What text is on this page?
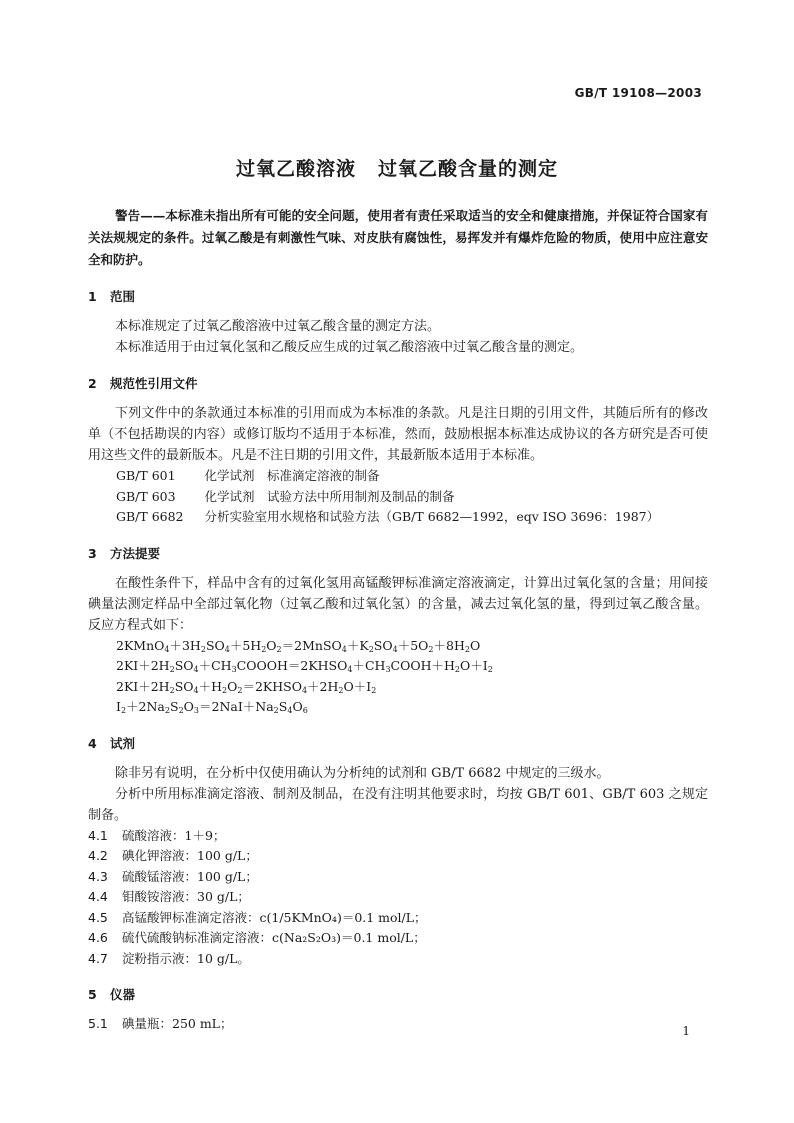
GB/T 19108—2003
过氧乙酸溶液 过氧乙酸含量的测定

警告——本标准未指出所有可能的安全问题，使用者有责任采取适当的安全和健康措施，并保证符合国家有关法规规定的条件。过氧乙酸是有刺激性气味、对皮肤有腐蚀性，易挥发并有爆炸危险的物质，使用中应注意安全和防护。

1 范围

本标准规定了过氧乙酸溶液中过氧乙酸含量的测定方法。

本标准适用于由过氧化氢和乙酸反应生成的过氧乙酸溶液中过氧乙酸含量的测定。

2 规范性引用文件

下列文件中的条款通过本标准的引用而成为本标准的条款。凡是注日期的引用文件，其随后所有的修改单（不包括勘误的内容）或修订版均不适用于本标准，然而，鼓励根据本标准达成协议的各方研究是否可使用这些文件的最新版本。凡是不注日期的引用文件，其最新版本适用于本标准。

GB/T 601　 化学试剂　标准滴定溶液的制备

GB/T 603　 化学试剂　试验方法中所用制剂及制品的制备

GB/T 6682　 分析实验室用水规格和试验方法（GB/T 6682—1992，eqv ISO 3696：1987）

3 方法提要

在酸性条件下，样品中含有的过氧化氢用高锰酸钾标准滴定溶液滴定，计算出过氧化氢的含量；用间接碘量法测定样品中全部过氧化物（过氧乙酸和过氧化氢）的含量，减去过氧化氢的量，得到过氧乙酸含量。反应方程式如下：

$2KMnO_4+3H_2SO_4+5H_2O_2=2MnSO_4+K_2SO_4+5O_2+8H_2O$

$2KI+2H_2SO_4+CH_3COOOH=2KHSO_4+CH_3COOH+H_2O+I_2$

$2KI+2H_2SO_4+H_2O_2=2KHSO_4+2H_2O+I_2$

$I_2+2Na_2S_2O_3=2NaI+Na_2S_4O_6$

4 试剂

除非另有说明，在分析中仅使用确认为分析纯的试剂和 GB/T 6682 中规定的三级水。

分析中所用标准滴定溶液、制剂及制品，在没有注明其他要求时，均按 GB/T 601、GB/T 603 之规定制备。

4.1 硫酸溶液：1＋9；

4.2 碘化钾溶液：100 g/L；

4.3 硫酸锰溶液：100 g/L；

4.4 钼酸铵溶液：30 g/L；

4.5 高锰酸钾标准滴定溶液：c(1/5KMnO₄)＝0.1 mol/L；

4.6 硫代硫酸钠标准滴定溶液：c(Na₂S₂O₃)＝0.1 mol/L；

4.7 淀粉指示液：10 g/L。

5 仪器

5.1 碘量瓶：250 mL；	1
